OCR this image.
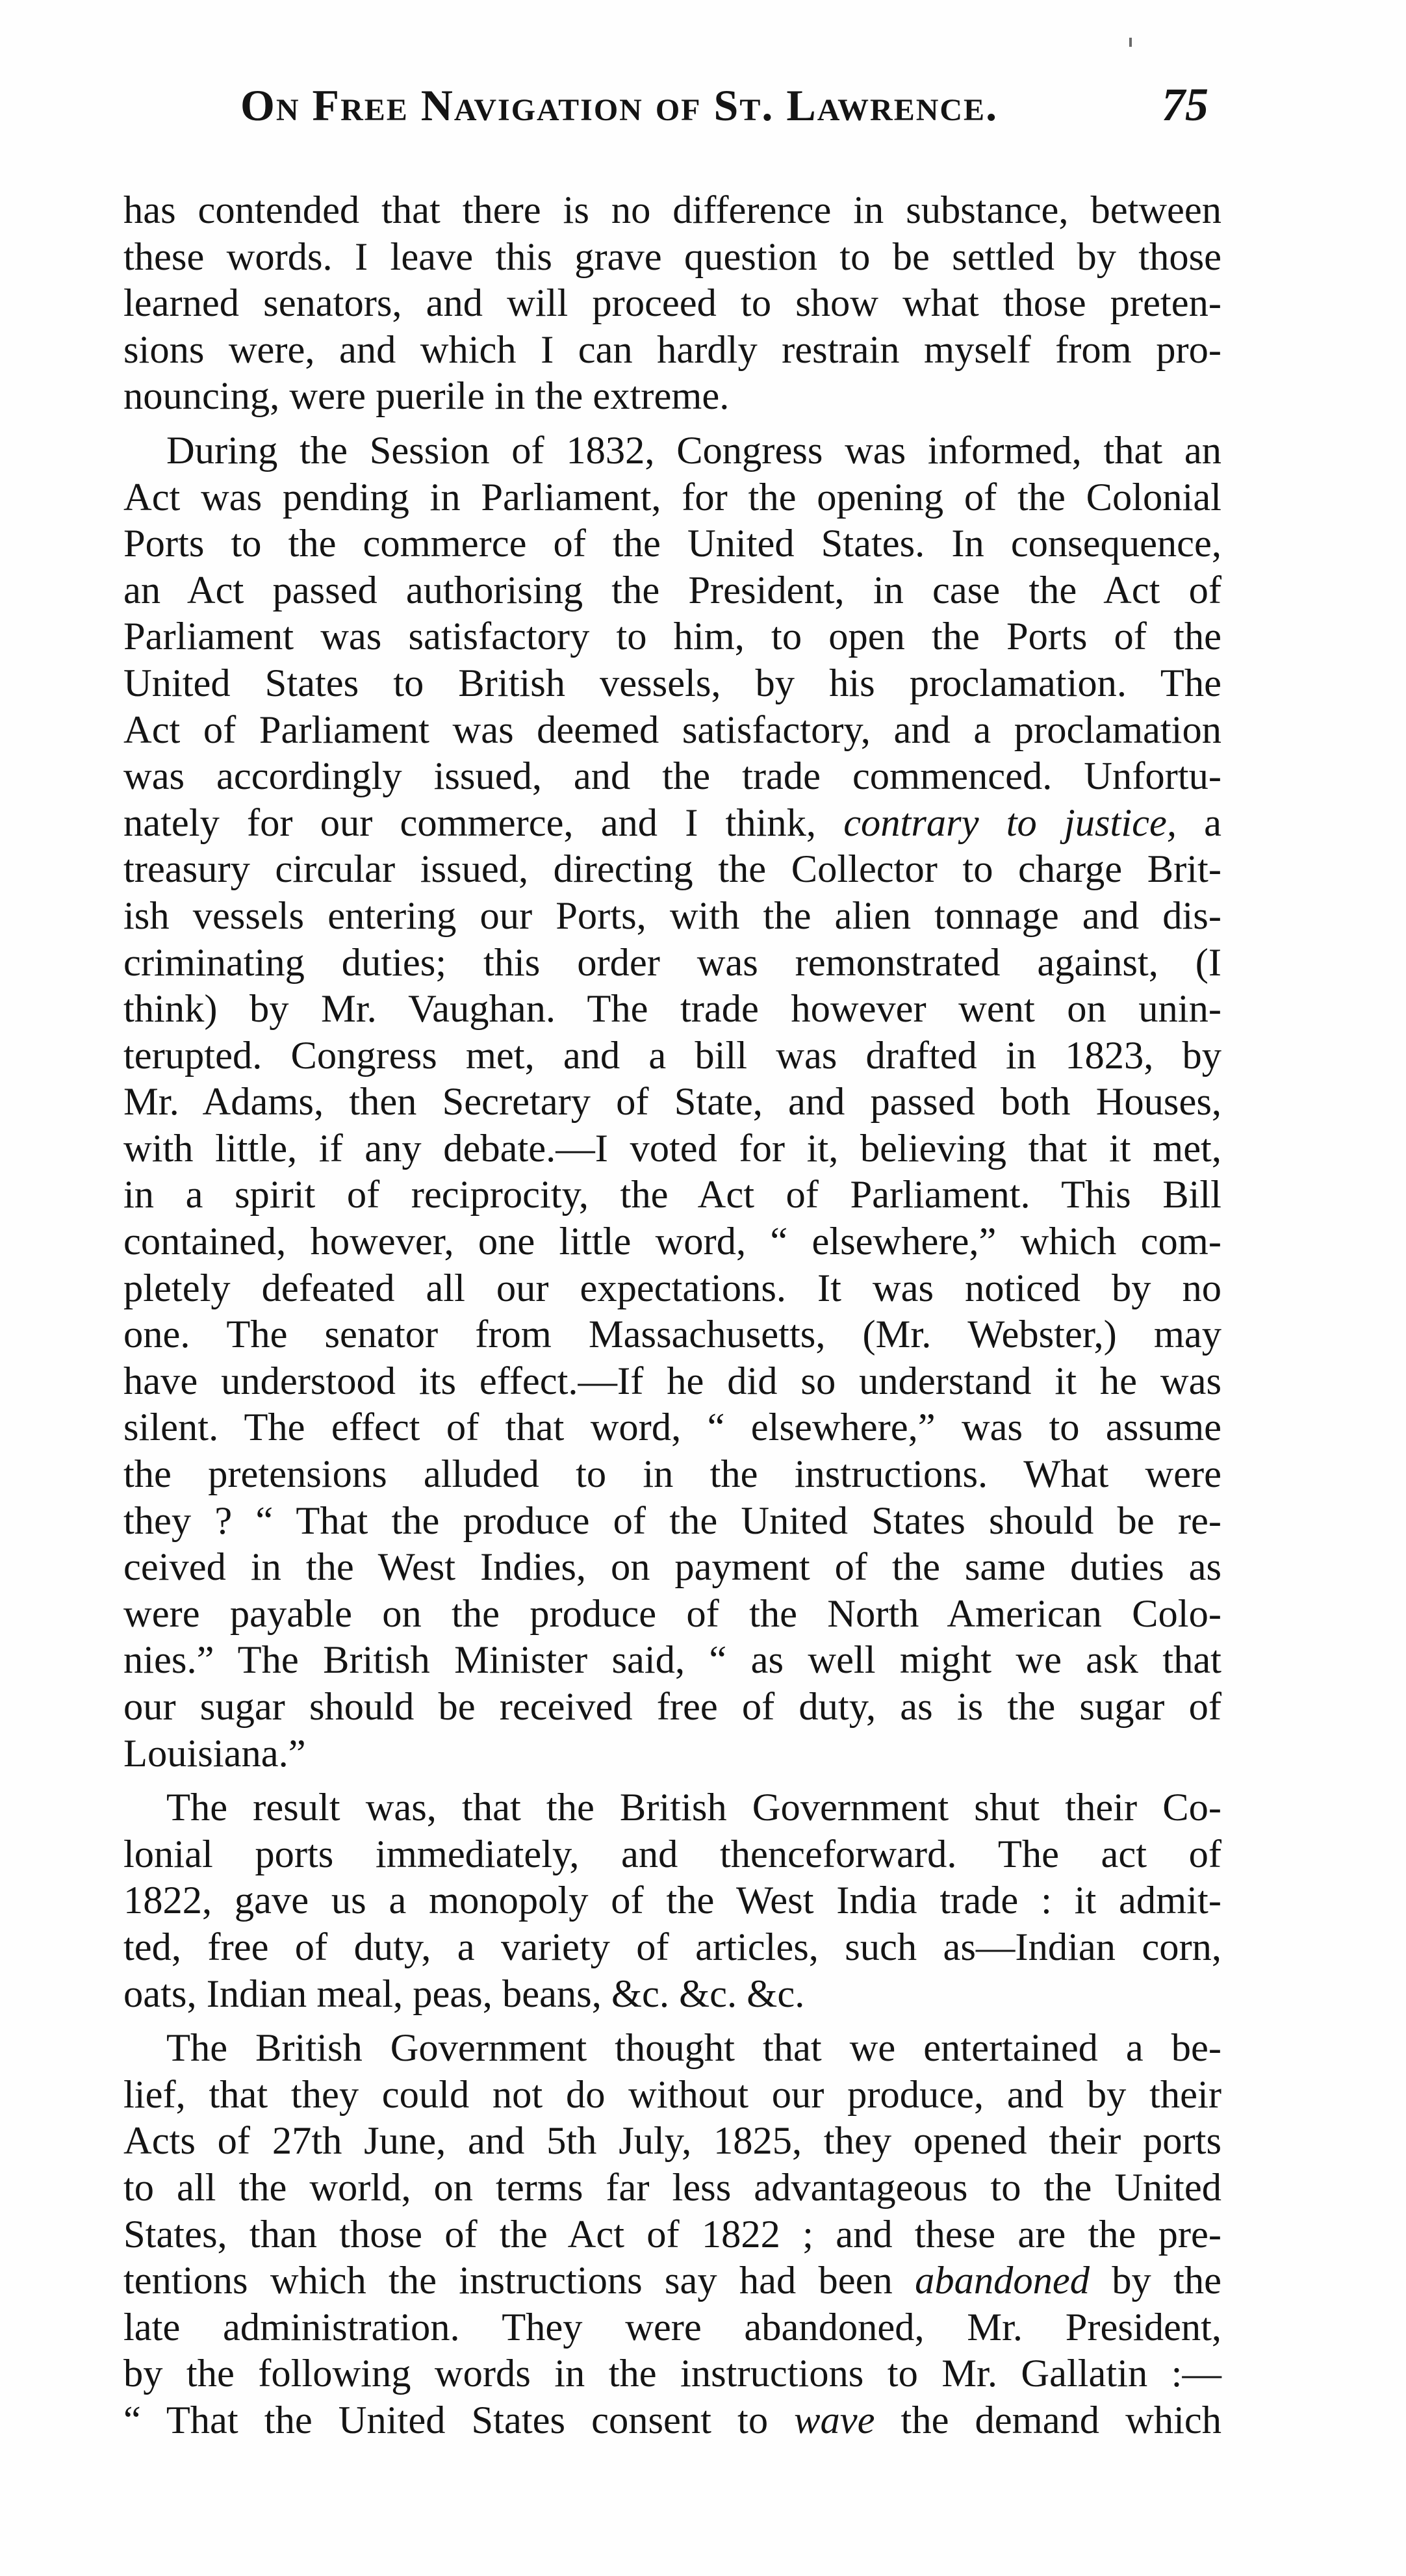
On Free Navigation of St. Lawrence.	75
has contended that there is no difference in substance, between
these words. I leave this grave question to be settled by those
learned senators, and will proceed to show what those preten-
sions were, and which I can hardly restrain myself from pro-
nouncing, were puerile in the extreme.
During the Session of 1832, Congress was informed, that an
Act was pending in Parliament, for the opening of the Colonial
Ports to the commerce of the United States. In consequence,
an Act passed authorising the President, in case the Act of
Parliament was satisfactory to him, to open the Ports of the
United States to British vessels, by his proclamation. The
Act of Parliament was deemed satisfactory, and a proclamation
was accordingly issued, and the trade commenced. Unfortu-
nately for our commerce, and I think, contrary to justice, a
treasury circular issued, directing the Collector to charge Brit-
ish vessels entering our Ports, with the alien tonnage and dis-
criminating duties; this order was remonstrated against, (I
think) by Mr. Vaughan. The trade however went on unin-
terupted. Congress met, and a bill was drafted in 1823, by
Mr. Adams, then Secretary of State, and passed both Houses,
with little, if any debate.—I voted for it, believing that it met,
in a spirit of reciprocity, the Act of Parliament. This Bill
contained, however, one little word, “ elsewhere,” which com-
pletely defeated all our expectations. It was noticed by no
one. The senator from Massachusetts, (Mr. Webster,) may
have understood its effect.—If he did so understand it he was
silent. The effect of that word, “ elsewhere,” was to assume
the pretensions alluded to in the instructions. What were
they ? “ That the produce of the United States should be re-
ceived in the West Indies, on payment of the same duties as
were payable on the produce of the North American Colo-
nies.” The British Minister said, “ as well might we ask that
our sugar should be received free of duty, as is the sugar of
Louisiana.”
The result was, that the British Government shut their Co-
lonial ports immediately, and thenceforward. The act of
1822, gave us a monopoly of the West India trade : it admit-
ted, free of duty, a variety of articles, such as—Indian corn,
oats, Indian meal, peas, beans, &c. &c. &c.
The British Government thought that we entertained a be-
lief, that they could not do without our produce, and by their
Acts of 27th June, and 5th July, 1825, they opened their ports
to all the world, on terms far less advantageous to the United
States, than those of the Act of 1822 ; and these are the pre-
tentions which the instructions say had been abandoned by the
late administration. They were abandoned, Mr. President,
by the following words in the instructions to Mr. Gallatin :—
“ That the United States consent to wave the demand which
